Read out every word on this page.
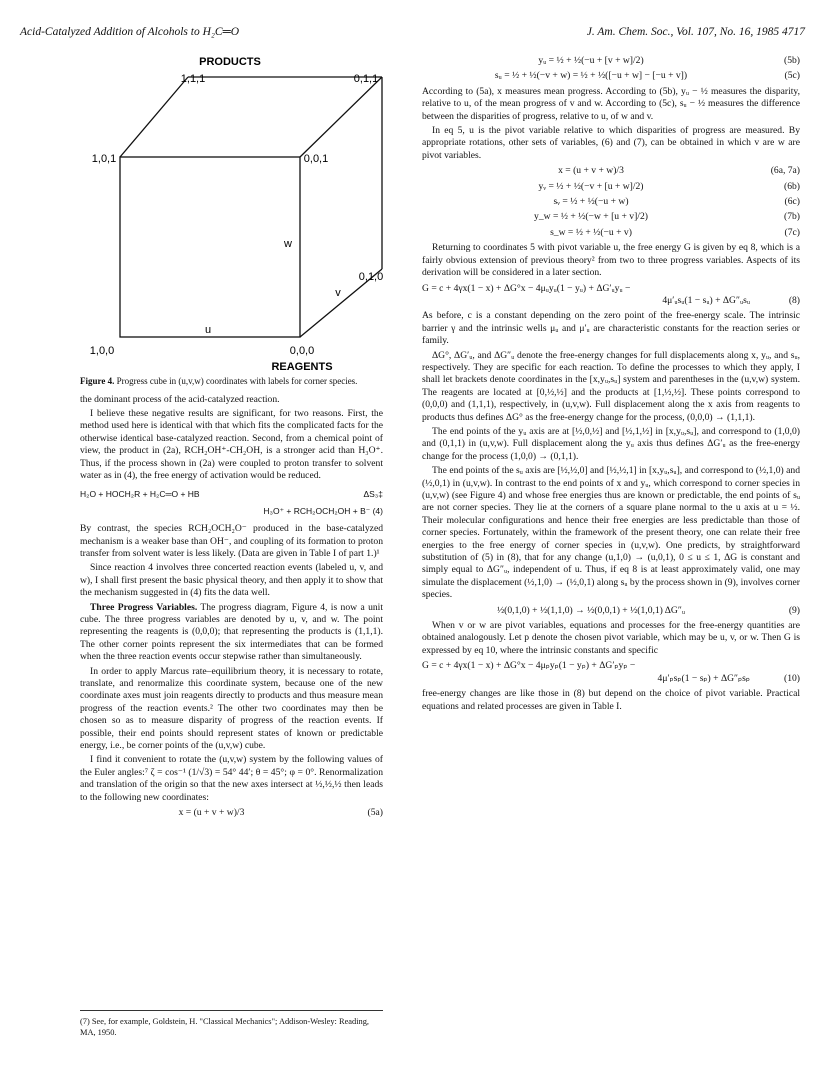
Acid-Catalyzed Addition of Alcohols to H₂C═O	J. Am. Chem. Soc., Vol. 107, No. 16, 1985 4717
PRODUCTS
1,1,1	0,1,1
1,0,1	0,0,1
0,1,0
1,0,0	0,0,0
w
u
v
REAGENTS
Figure 4. Progress cube in (u,v,w) coordinates with labels for corner species.

the dominant process of the acid-catalyzed reaction.

I believe these negative results are significant, for two reasons. First, the method used here is identical with that which fits the complicated facts for the otherwise identical base-catalyzed reaction. Second, from a chemical point of view, the product in (2a), RCH₂OH⁺-CH₂OH, is a stronger acid than H₃O⁺. Thus, if the process shown in (2a) were coupled to proton transfer to solvent water as in (4), the free energy of activation would be reduced.

H₂O + HOCH₂R + H₂C═O + HB	ΔS₃‡
H₃O⁺ + RCH₂OCH₂OH + B⁻ (4)

By contrast, the species RCH₂OCH₂O⁻ produced in the base-catalyzed mechanism is a weaker base than OH⁻, and coupling of its formation to proton transfer from solvent water is less likely. (Data are given in Table I of part 1.)¹

Since reaction 4 involves three concerted reaction events (labeled u, v, and w), I shall first present the basic physical theory, and then apply it to show that the mechanism suggested in (4) fits the data well.

Three Progress Variables. The progress diagram, Figure 4, is now a unit cube. The three progress variables are denoted by u, v, and w. The point representing the reagents is (0,0,0); that representing the products is (1,1,1). The other corner points represent the six intermediates that can be formed when the three reaction events occur stepwise rather than simultaneously.

In order to apply Marcus rate–equilibrium theory, it is necessary to rotate, translate, and renormalize this coordinate system, because one of the new coordinate axes must join reagents directly to products and thus measure mean progress of the reaction events.² The other two coordinates may then be chosen so as to measure disparity of progress of the reaction events. If possible, their end points should represent states of known or predictable energy, i.e., be corner points of the (u,v,w) cube.

I find it convenient to rotate the (u,v,w) system by the following values of the Euler angles:⁷ ζ = cos⁻¹ (1/√3) = 54° 44′; θ = 45°; φ = 0°. Renormalization and translation of the origin so that the new axes intersect at ½,½,½ then leads to the following new coordinates:

x = (u + v + w)/3	(5a)
(7) See, for example, Goldstein, H. "Classical Mechanics"; Addison-Wesley: Reading, MA, 1950.
yᵤ = ½ + ½(−u + [v + w]/2)	(5b)
sᵤ = ½ + ½(−v + w) = ½ + ½([−u + w] − [−u + v])	(5c)

According to (5a), x measures mean progress. According to (5b), yᵤ − ½ measures the disparity, relative to u, of the mean progress of v and w. According to (5c), sᵤ − ½ measures the difference between the disparities of progress, relative to u, of w and v.

In eq 5, u is the pivot variable relative to which disparities of progress are measured. By appropriate rotations, other sets of variables, (6) and (7), can be obtained in which v are w are pivot variables.

x = (u + v + w)/3	(6a, 7a)
yᵥ = ½ + ½(−v + [u + w]/2)	(6b)
sᵥ = ½ + ½(−u + w)	(6c)
y_w = ½ + ½(−w + [u + v]/2)	(7b)
s_w = ½ + ½(−u + v)	(7c)

Returning to coordinates 5 with pivot variable u, the free energy G is given by eq 8, which is a fairly obvious extension of previous theory² from two to three progress variables. Aspects of its derivation will be considered in a later section.

G = c + 4γx(1 − x) + ΔG°x − 4μᵤyᵤ(1 − yᵤ) + ΔG′ᵤyᵤ −
4μ′ᵤsᵤ(1 − sᵤ) + ΔG″ᵤsᵤ	(8)

As before, c is a constant depending on the zero point of the free-energy scale. The intrinsic barrier γ and the intrinsic wells μᵤ and μ′ᵤ are characteristic constants for the reaction series or family.

ΔG°, ΔG′ᵤ, and ΔG″ᵤ denote the free-energy changes for full displacements along x, yᵤ, and sᵤ, respectively. They are specific for each reaction. To define the processes to which they apply, I shall let brackets denote coordinates in the [x,yᵤ,sᵤ] system and parentheses in the (u,v,w) system. The reagents are located at [0,½,½] and the products at [1,½,½]. These points correspond to (0,0,0) and (1,1,1), respectively, in (u,v,w). Full displacement along the x axis from reagents to products thus defines ΔG° as the free-energy change for the process, (0,0,0) → (1,1,1).

The end points of the yᵤ axis are at [½,0,½] and [½,1,½] in [x,yᵤ,sᵤ], and correspond to (1,0,0) and (0,1,1) in (u,v,w). Full displacement along the yᵤ axis thus defines ΔG′ᵤ as the free-energy change for the process (1,0,0) → (0,1,1).

The end points of the sᵤ axis are [½,½,0] and [½,½,1] in [x,yᵤ,sᵤ], and correspond to (½,1,0) and (½,0,1) in (u,v,w). In contrast to the end points of x and yᵤ, which correspond to corner species in (u,v,w) (see Figure 4) and whose free energies thus are known or predictable, the end points of sᵤ are not corner species. They lie at the corners of a square plane normal to the u axis at u = ½. Their molecular configurations and hence their free energies are less predictable than those of corner species. Fortunately, within the framework of the present theory, one can relate their free energies to the free energy of corner species in (u,v,w). One predicts, by straightforward substitution of (5) in (8), that for any change (u,1,0) → (u,0,1), 0 ≤ u ≤ 1, ΔG is constant and simply equal to ΔG″ᵤ, independent of u. Thus, if eq 8 is at least approximately valid, one may simulate the displacement (½,1,0) → (½,0,1) along sᵤ by the process shown in (9), involves corner species.

½(0,1,0) + ½(1,1,0) → ½(0,0,1) + ½(1,0,1) ΔG″ᵤ	(9)

When v or w are pivot variables, equations and processes for the free-energy quantities are obtained analogously. Let p denote the chosen pivot variable, which may be u, v, or w. Then G is expressed by eq 10, where the intrinsic constants and specific

G = c + 4γx(1 − x) + ΔG°x − 4μₚyₚ(1 − yₚ) + ΔG′ₚyₚ −
4μ′ₚsₚ(1 − sₚ) + ΔG″ₚsₚ	(10)

free-energy changes are like those in (8) but depend on the choice of pivot variable. Practical equations and related processes are given in Table I.
